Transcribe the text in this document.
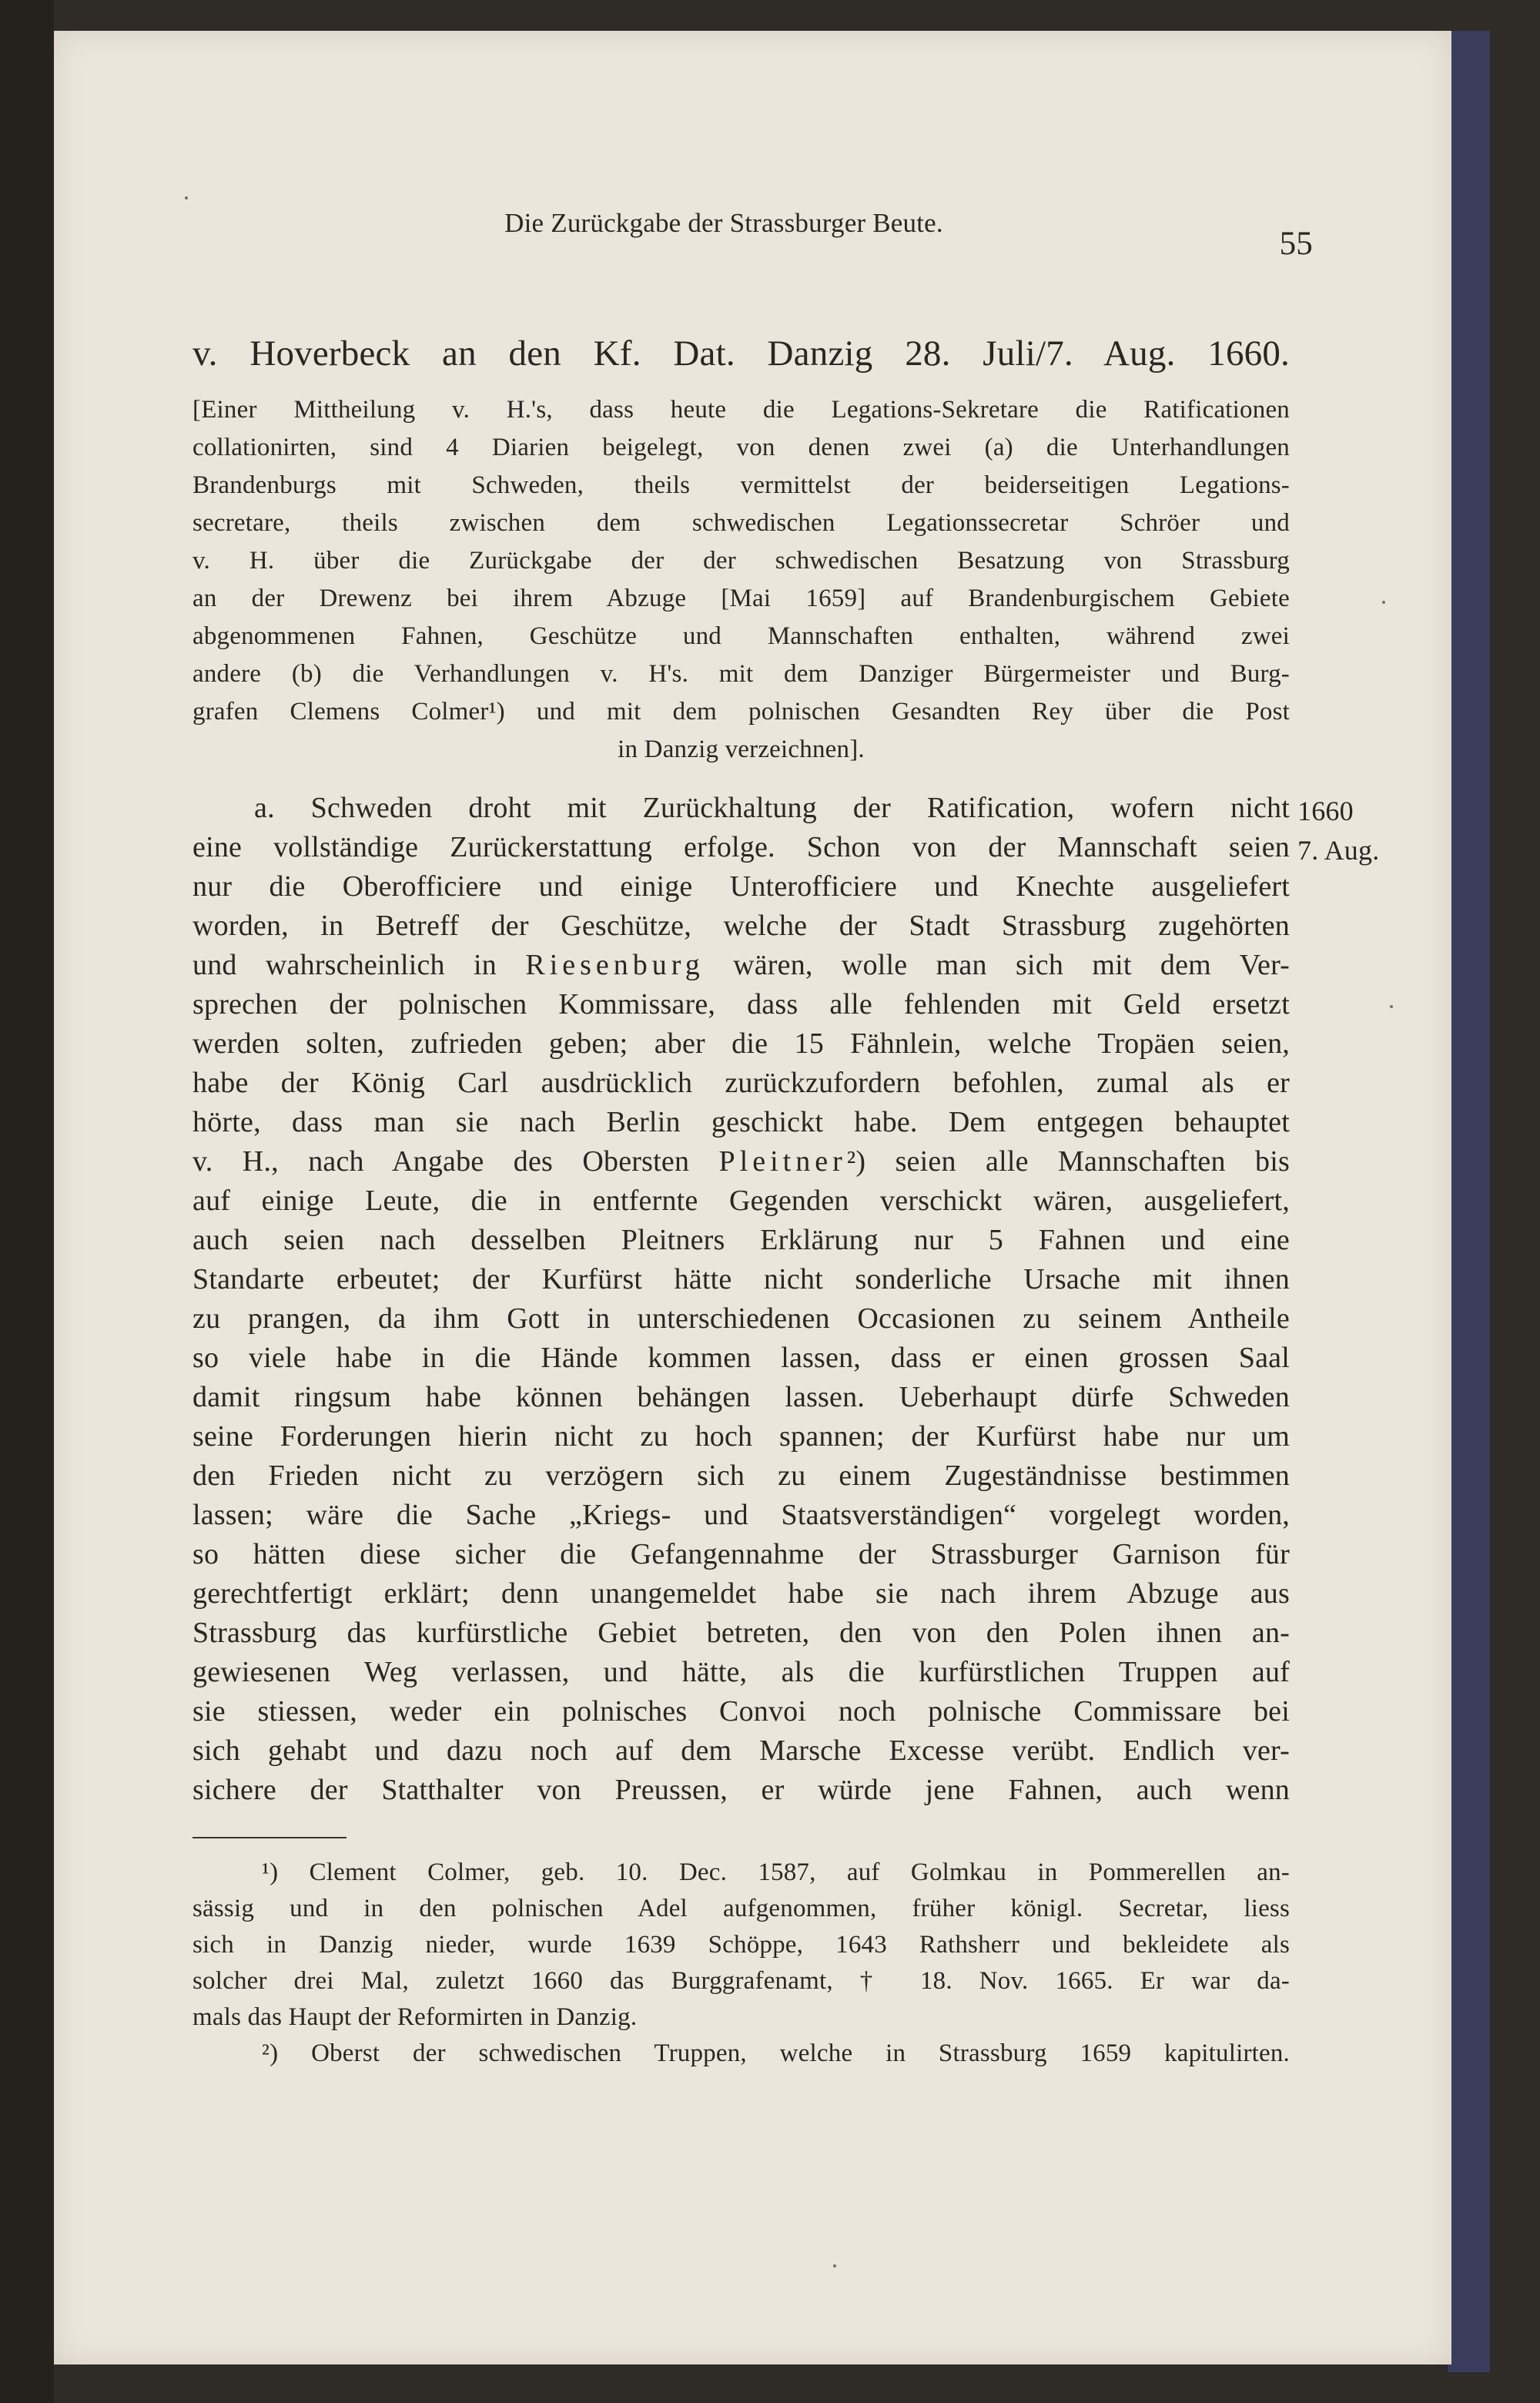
Die Zurückgabe der Strassburger Beute.
55
v. Hoverbeck an den Kf. Dat. Danzig 28. Juli/7. Aug. 1660.
[Einer Mittheilung v. H.'s, dass heute die Legations-Sekretare die Ratificationen
collationirten, sind 4 Diarien beigelegt, von denen zwei (a) die Unterhandlungen
Brandenburgs mit Schweden, theils vermittelst der beiderseitigen Legations-
secretare, theils zwischen dem schwedischen Legationssecretar Schröer und
v. H. über die Zurückgabe der der schwedischen Besatzung von Strassburg
an der Drewenz bei ihrem Abzuge [Mai 1659] auf Brandenburgischem Gebiete
abgenommenen Fahnen, Geschütze und Mannschaften enthalten, während zwei
andere (b) die Verhandlungen v. H's. mit dem Danziger Bürgermeister und Burg-
grafen Clemens Colmer¹) und mit dem polnischen Gesandten Rey über die Post
in Danzig verzeichnen].
1660
7. Aug.
a. Schweden droht mit Zurückhaltung der Ratification, wofern nicht
eine vollständige Zurückerstattung erfolge. Schon von der Mannschaft seien
nur die Oberofficiere und einige Unterofficiere und Knechte ausgeliefert
worden, in Betreff der Geschütze, welche der Stadt Strassburg zugehörten
und wahrscheinlich in Riesenburg wären, wolle man sich mit dem Ver-
sprechen der polnischen Kommissare, dass alle fehlenden mit Geld ersetzt
werden solten, zufrieden geben; aber die 15 Fähnlein, welche Tropäen seien,
habe der König Carl ausdrücklich zurückzufordern befohlen, zumal als er
hörte, dass man sie nach Berlin geschickt habe. Dem entgegen behauptet
v. H., nach Angabe des Obersten Pleitner²) seien alle Mannschaften bis
auf einige Leute, die in entfernte Gegenden verschickt wären, ausgeliefert,
auch seien nach desselben Pleitners Erklärung nur 5 Fahnen und eine
Standarte erbeutet; der Kurfürst hätte nicht sonderliche Ursache mit ihnen
zu prangen, da ihm Gott in unterschiedenen Occasionen zu seinem Antheile
so viele habe in die Hände kommen lassen, dass er einen grossen Saal
damit ringsum habe können behängen lassen. Ueberhaupt dürfe Schweden
seine Forderungen hierin nicht zu hoch spannen; der Kurfürst habe nur um
den Frieden nicht zu verzögern sich zu einem Zugeständnisse bestimmen
lassen; wäre die Sache „Kriegs- und Staatsverständigen“ vorgelegt worden,
so hätten diese sicher die Gefangennahme der Strassburger Garnison für
gerechtfertigt erklärt; denn unangemeldet habe sie nach ihrem Abzuge aus
Strassburg das kurfürstliche Gebiet betreten, den von den Polen ihnen an-
gewiesenen Weg verlassen, und hätte, als die kurfürstlichen Truppen auf
sie stiessen, weder ein polnisches Convoi noch polnische Commissare bei
sich gehabt und dazu noch auf dem Marsche Excesse verübt. Endlich ver-
sichere der Statthalter von Preussen, er würde jene Fahnen, auch wenn
¹) Clement Colmer, geb. 10. Dec. 1587, auf Golmkau in Pommerellen an-
sässig und in den polnischen Adel aufgenommen, früher königl. Secretar, liess
sich in Danzig nieder, wurde 1639 Schöppe, 1643 Rathsherr und bekleidete als
solcher drei Mal, zuletzt 1660 das Burggrafenamt, † 18. Nov. 1665. Er war da-
mals das Haupt der Reformirten in Danzig.
²) Oberst der schwedischen Truppen, welche in Strassburg 1659 kapitulirten.
